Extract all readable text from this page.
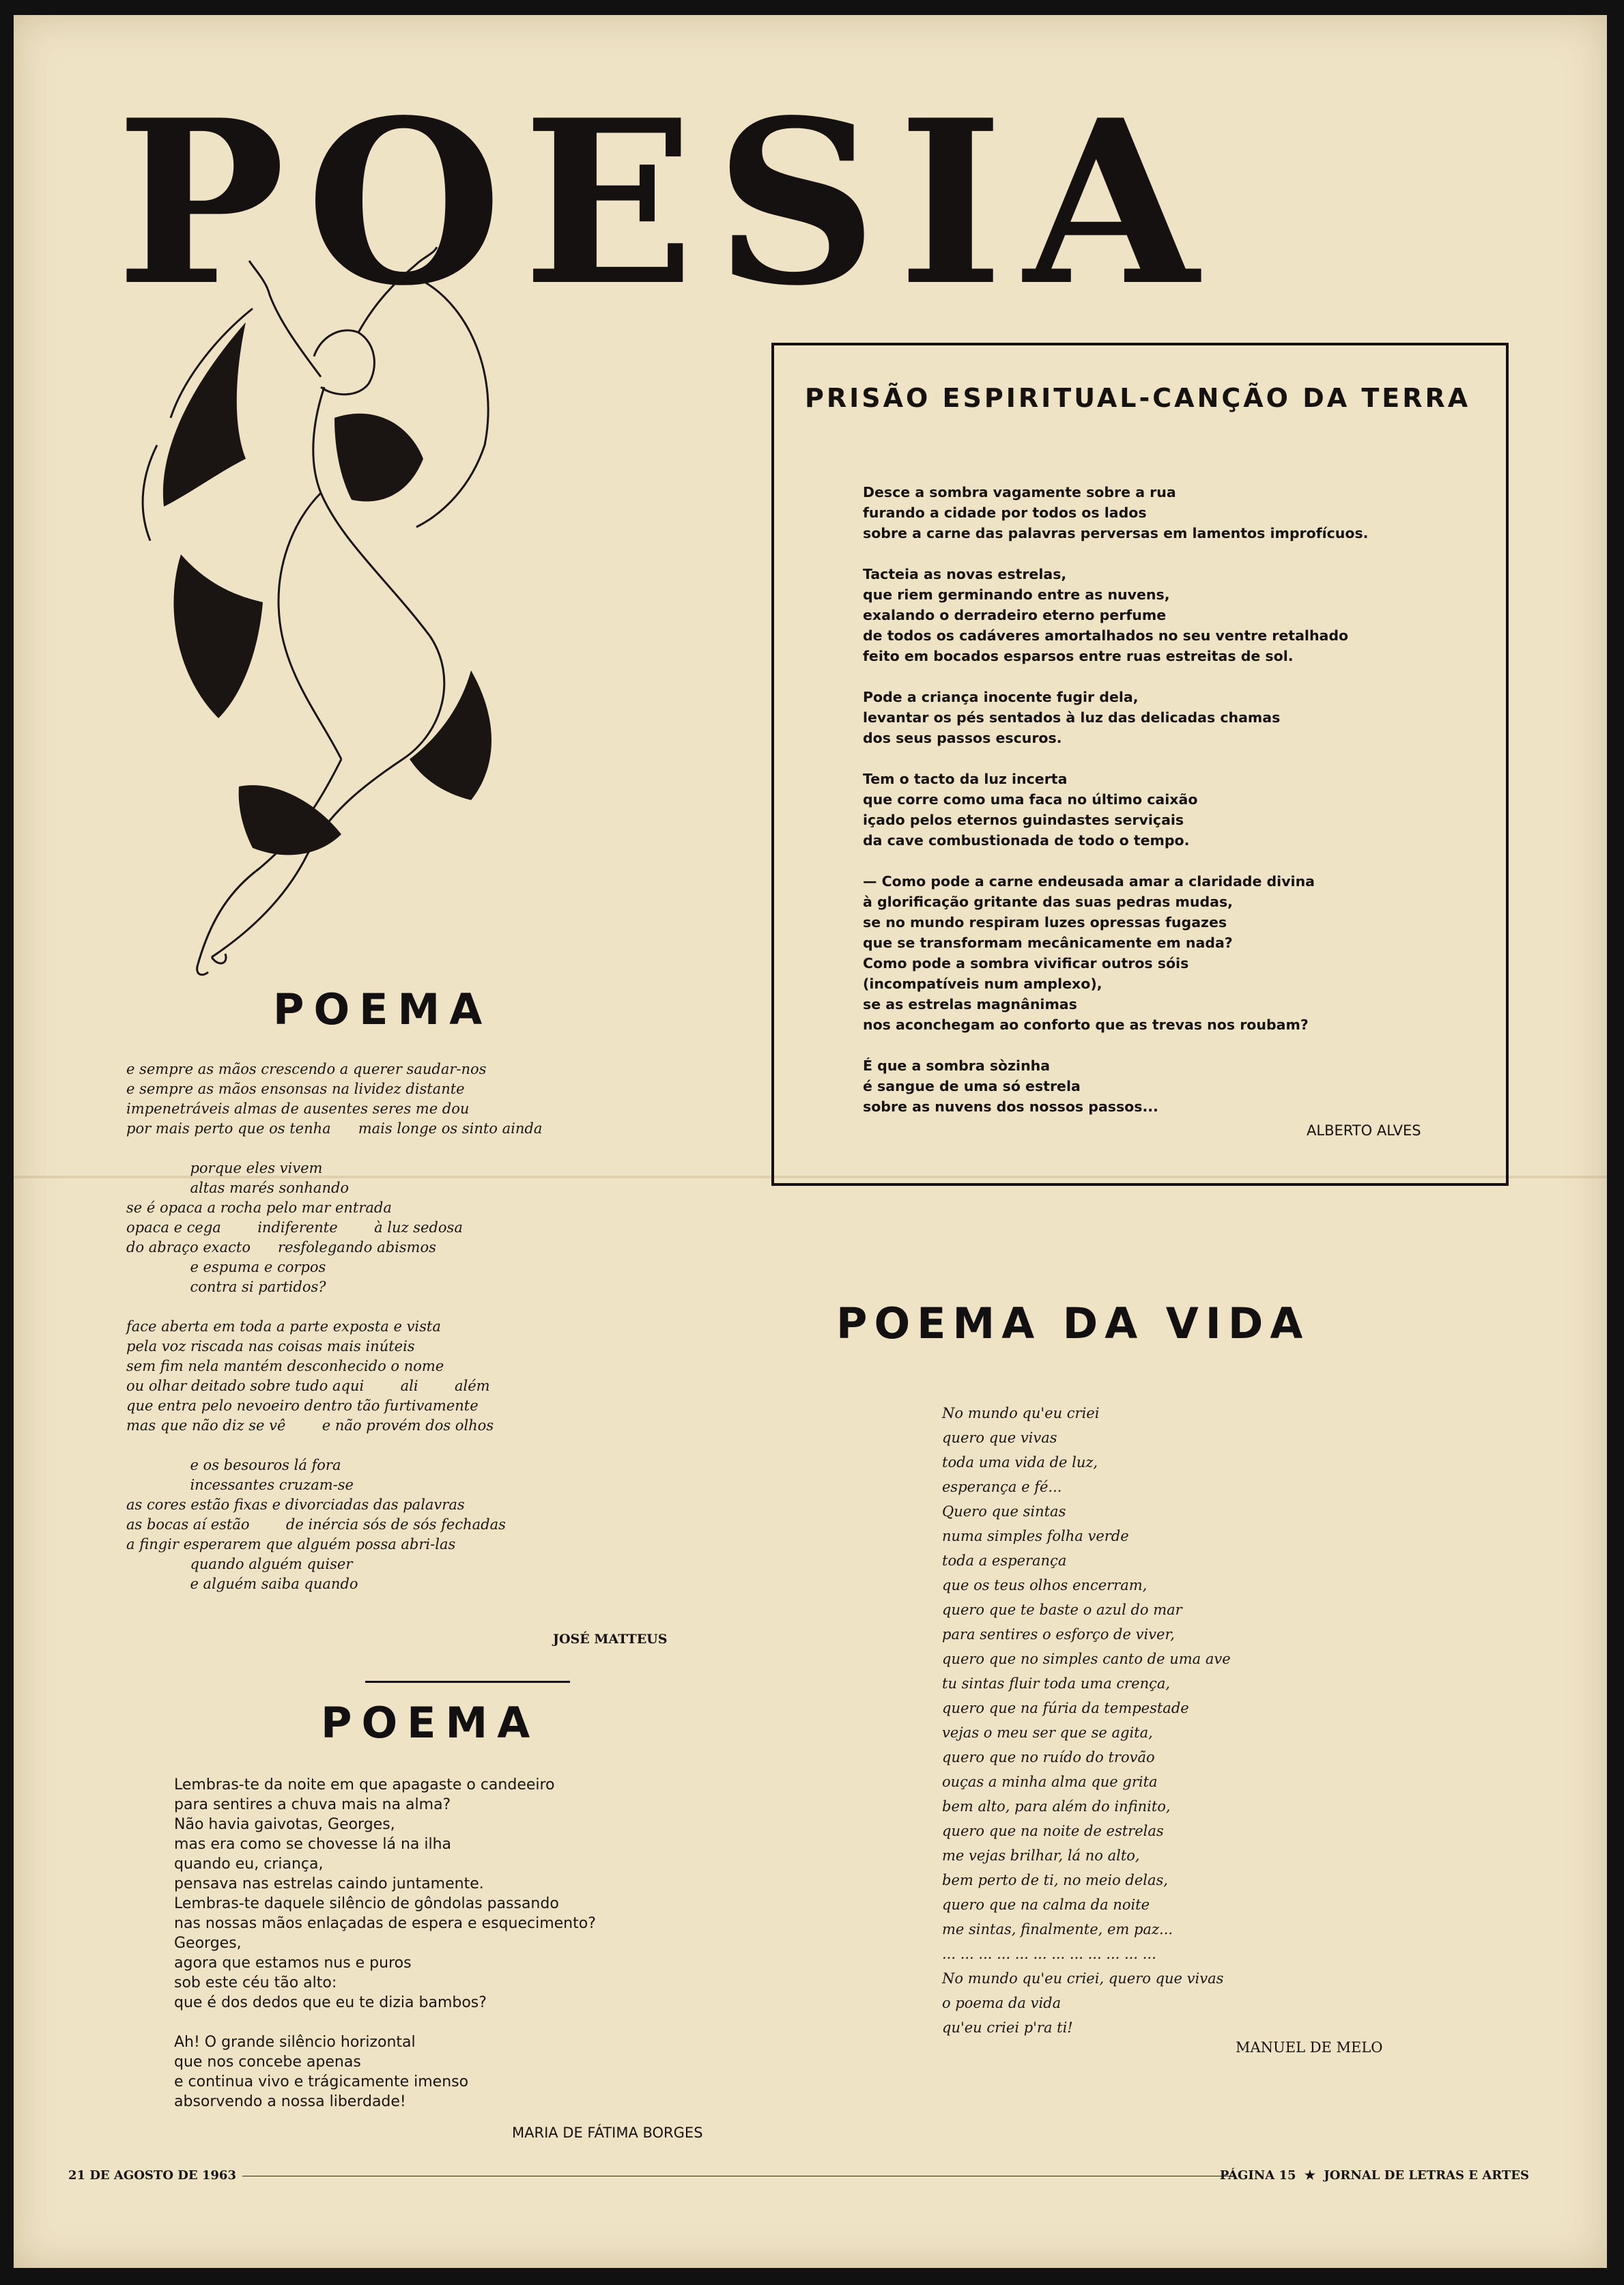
POESIA
PRISÃO ESPIRITUAL-CANÇÃO DA TERRA
Desce a sombra vagamente sobre a rua
furando a cidade por todos os lados
sobre a carne das palavras perversas em lamentos improfícuos.

Tacteia as novas estrelas,
que riem germinando entre as nuvens,
exalando o derradeiro eterno perfume
de todos os cadáveres amortalhados no seu ventre retalhado
feito em bocados esparsos entre ruas estreitas de sol.

Pode a criança inocente fugir dela,
levantar os pés sentados à luz das delicadas chamas
dos seus passos escuros.

Tem o tacto da luz incerta
que corre como uma faca no último caixão
içado pelos eternos guindastes serviçais
da cave combustionada de todo o tempo.

— Como pode a carne endeusada amar a claridade divina
à glorificação gritante das suas pedras mudas,
se no mundo respiram luzes opressas fugazes
que se transformam mecânicamente em nada?
Como pode a sombra vivificar outros sóis
(incompatíveis num amplexo),
se as estrelas magnânimas
nos aconchegam ao conforto que as trevas nos roubam?

É que a sombra sòzinha
é sangue de uma só estrela
sobre as nuvens dos nossos passos...
ALBERTO ALVES
POEMA
e sempre as mãos crescendo a querer saudar-nos
e sempre as mãos ensonsas na lividez distante
impenetráveis almas de ausentes seres me dou
por mais perto que os tenha      mais longe os sinto ainda

porque eles vivem
altas marés sonhando
se é opaca a rocha pelo mar entrada
opaca e cega        indiferente        à luz sedosa
do abraço exacto      resfolegando abismos
e espuma e corpos
contra si partidos?

face aberta em toda a parte exposta e vista
pela voz riscada nas coisas mais inúteis
sem fim nela mantém desconhecido o nome
ou olhar deitado sobre tudo aqui        ali        além
que entra pelo nevoeiro dentro tão furtivamente
mas que não diz se vê        e não provém dos olhos

e os besouros lá fora
incessantes cruzam-se
as cores estão fixas e divorciadas das palavras
as bocas aí estão        de inércia sós de sós fechadas
a fingir esperarem que alguém possa abri-las
quando alguém quiser
e alguém saiba quando
JOSÉ MATTEUS
POEMA
Lembras-te da noite em que apagaste o candeeiro
para sentires a chuva mais na alma?
Não havia gaivotas, Georges,
mas era como se chovesse lá na ilha
quando eu, criança,
pensava nas estrelas caindo juntamente.
Lembras-te daquele silêncio de gôndolas passando
nas nossas mãos enlaçadas de espera e esquecimento?
Georges,
agora que estamos nus e puros
sob este céu tão alto:
que é dos dedos que eu te dizia bambos?

Ah! O grande silêncio horizontal
que nos concebe apenas
e continua vivo e trágicamente imenso
absorvendo a nossa liberdade!
MARIA DE FÁTIMA BORGES
POEMA DA VIDA
No mundo qu'eu criei
quero que vivas
toda uma vida de luz,
esperança e fé...
Quero que sintas
numa simples folha verde
toda a esperança
que os teus olhos encerram,
quero que te baste o azul do mar
para sentires o esforço de viver,
quero que no simples canto de uma ave
tu sintas fluir toda uma crença,
quero que na fúria da tempestade
vejas o meu ser que se agita,
quero que no ruído do trovão
ouças a minha alma que grita
bem alto, para além do infinito,
quero que na noite de estrelas
me vejas brilhar, lá no alto,
bem perto de ti, no meio delas,
quero que na calma da noite
me sintas, finalmente, em paz...
... ... ... ... ... ... ... ... ... ... ... ...
No mundo qu'eu criei, quero que vivas
o poema da vida
qu'eu criei p'ra ti!
MANUEL DE MELO
21 DE AGOSTO DE 1963	PÁGINA 15 ★ JORNAL DE LETRAS E ARTES
